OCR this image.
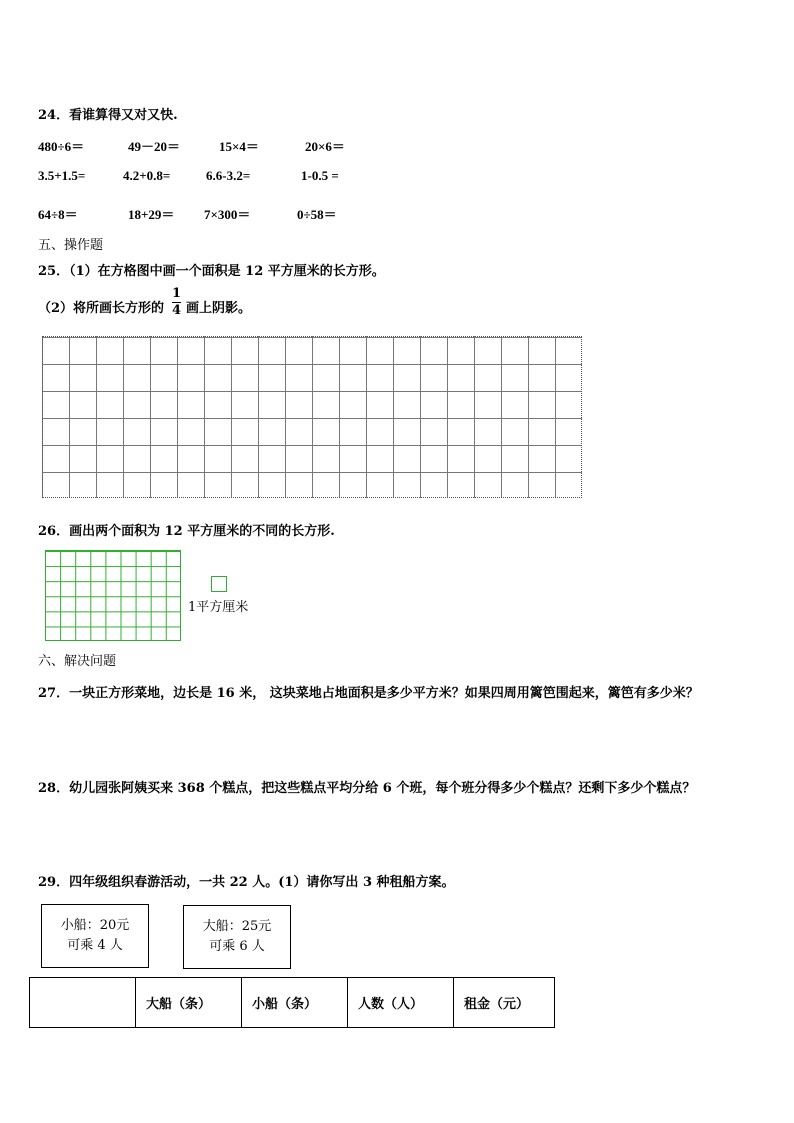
24．看谁算得又对又快.
480÷6＝	49－20＝	15×4＝	20×6＝
3.5+1.5=	4.2+0.8=	6.6-3.2=	1-0.5 =
64÷8＝	18+29＝ 7×300＝	0÷58＝
五、操作题
25．（1）在方格图中画一个面积是 12 平方厘米的长方形。
（2）将所画长方形的
1
4 画上阴影。
26．画出两个面积为 12 平方厘米的不同的长方形.
1平方厘米
六、解决问题
27．一块正方形菜地，边长是 16 米， 这块菜地占地面积是多少平方米？如果四周用篱笆围起来，篱笆有多少米？
28．幼儿园张阿姨买来 368 个糕点，把这些糕点平均分给 6 个班，每个班分得多少个糕点？还剩下多少个糕点？
29．四年级组织春游活动，一共 22 人。(1）请你写出 3 种租船方案。
小船：20元
可乘 4 人
大船：25元
可乘 6 人
	大船（条）	小船（条）	人数（人）	租金（元）
